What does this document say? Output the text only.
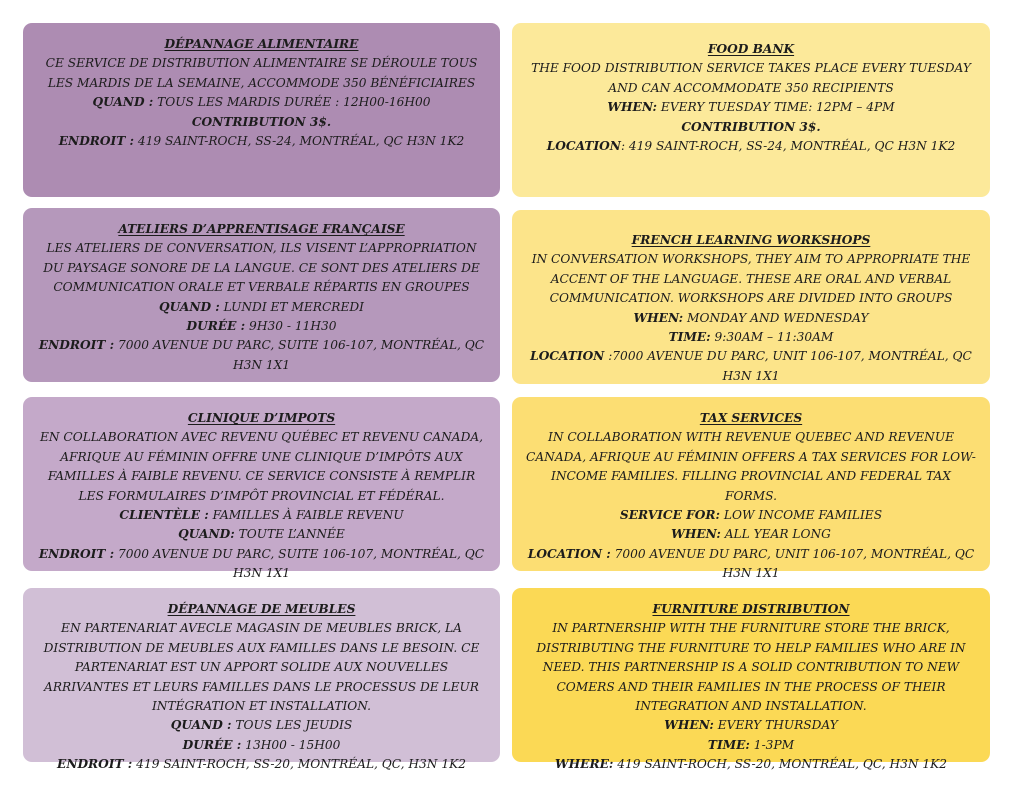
DÉPANNAGE ALIMENTAIRE

CE SERVICE DE DISTRIBUTION ALIMENTAIRE SE DÉROULE TOUS LES MARDIS DE LA SEMAINE, ACCOMMODE 350 BÉNÉFICIAIRES

QUAND : TOUS LES MARDIS DURÉE : 12H00-16H00

CONTRIBUTION 3$.

ENDROIT : 419 SAINT-ROCH, SS-24, MONTRÉAL, QC H3N 1K2

ATELIERS D’APPRENTISAGE FRANÇAISE

LES ATELIERS DE CONVERSATION, ILS VISENT L’APPROPRIATION DU PAYSAGE SONORE DE LA LANGUE. CE SONT DES ATELIERS DE COMMUNICATION ORALE ET VERBALE RÉPARTIS EN GROUPES

QUAND : LUNDI ET MERCREDI

DURÉE : 9H30 - 11H30

ENDROIT : 7000 AVENUE DU PARC, SUITE 106-107, MONTRÉAL, QC H3N 1X1

CLINIQUE D’IMPOTS

EN COLLABORATION AVEC REVENU QUÉBEC ET REVENU CANADA, AFRIQUE AU FÉMININ OFFRE UNE CLINIQUE D’IMPÔTS AUX FAMILLES À FAIBLE REVENU. CE SERVICE CONSISTE À REMPLIR LES FORMULAIRES D’IMPÔT PROVINCIAL ET FÉDÉRAL.

CLIENTÈLE : FAMILLES À FAIBLE REVENU

QUAND: TOUTE L’ANNÉE

ENDROIT : 7000 AVENUE DU PARC, SUITE 106-107, MONTRÉAL, QC H3N 1X1

DÉPANNAGE DE MEUBLES

EN PARTENARIAT AVECLE MAGASIN DE MEUBLES BRICK, LA DISTRIBUTION DE MEUBLES AUX FAMILLES DANS LE BESOIN. CE PARTENARIAT EST UN APPORT SOLIDE AUX NOUVELLES ARRIVANTES ET LEURS FAMILLES DANS LE PROCESSUS DE LEUR INTÉGRATION ET INSTALLATION.

QUAND : TOUS LES JEUDIS

DURÉE : 13H00 - 15H00

ENDROIT : 419 SAINT-ROCH, SS-20, MONTRÉAL, QC, H3N 1K2

FOOD BANK

THE FOOD DISTRIBUTION SERVICE TAKES PLACE EVERY TUESDAY AND CAN ACCOMMODATE 350 RECIPIENTS

WHEN: EVERY TUESDAY TIME: 12PM – 4PM

CONTRIBUTION 3$.

LOCATION: 419 SAINT-ROCH, SS-24, MONTRÉAL, QC H3N 1K2

FRENCH LEARNING WORKSHOPS

IN CONVERSATION WORKSHOPS, THEY AIM TO APPROPRIATE THE ACCENT OF THE LANGUAGE. THESE ARE ORAL AND VERBAL COMMUNICATION. WORKSHOPS ARE DIVIDED INTO GROUPS

WHEN: MONDAY AND WEDNESDAY

TIME: 9:30AM – 11:30AM

LOCATION :7000 AVENUE DU PARC, UNIT 106-107, MONTRÉAL, QC H3N 1X1

TAX SERVICES

IN COLLABORATION WITH REVENUE QUEBEC AND REVENUE CANADA, AFRIQUE AU FÉMININ OFFERS A TAX SERVICES FOR LOW-INCOME FAMILIES. FILLING PROVINCIAL AND FEDERAL TAX FORMS.

SERVICE FOR: LOW INCOME FAMILIES

WHEN: ALL YEAR LONG

LOCATION : 7000 AVENUE DU PARC, UNIT 106-107, MONTRÉAL, QC H3N 1X1

FURNITURE DISTRIBUTION

IN PARTNERSHIP WITH THE FURNITURE STORE THE BRICK, DISTRIBUTING THE FURNITURE TO HELP FAMILIES WHO ARE IN NEED. THIS PARTNERSHIP IS A SOLID CONTRIBUTION TO NEW COMERS AND THEIR FAMILIES IN THE PROCESS OF THEIR INTEGRATION AND INSTALLATION.

WHEN: EVERY THURSDAY

TIME: 1-3PM

WHERE: 419 SAINT-ROCH, SS-20, MONTRÉAL, QC, H3N 1K2
